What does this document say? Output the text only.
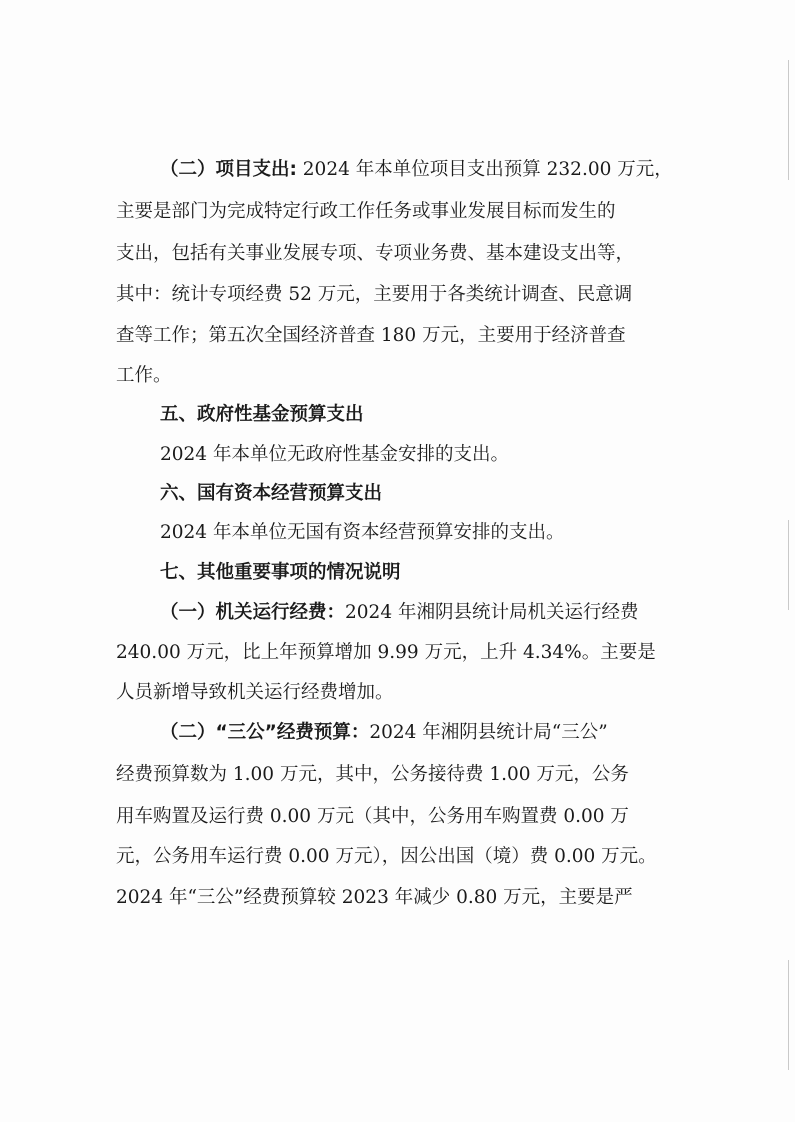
（二）项目支出: 2024 年本单位项目支出预算 232.00 万元，
主要是部门为完成特定行政工作任务或事业发展目标而发生的
支出，包括有关事业发展专项、专项业务费、基本建设支出等，
其中：统计专项经费 52 万元，主要用于各类统计调查、民意调
查等工作；第五次全国经济普查 180 万元，主要用于经济普查
工作。
五、政府性基金预算支出
2024 年本单位无政府性基金安排的支出。
六、国有资本经营预算支出
2024 年本单位无国有资本经营预算安排的支出。
七、其他重要事项的情况说明
（一）机关运行经费：2024 年湘阴县统计局机关运行经费
240.00 万元，比上年预算增加 9.99 万元，上升 4.34%。主要是
人员新增导致机关运行经费增加。
（二）“三公”经费预算：2024 年湘阴县统计局“三公”
经费预算数为 1.00 万元，其中，公务接待费 1.00 万元，公务
用车购置及运行费 0.00 万元（其中，公务用车购置费 0.00 万
元，公务用车运行费 0.00 万元），因公出国（境）费 0.00 万元。
2024 年“三公”经费预算较 2023 年减少 0.80 万元，主要是严
